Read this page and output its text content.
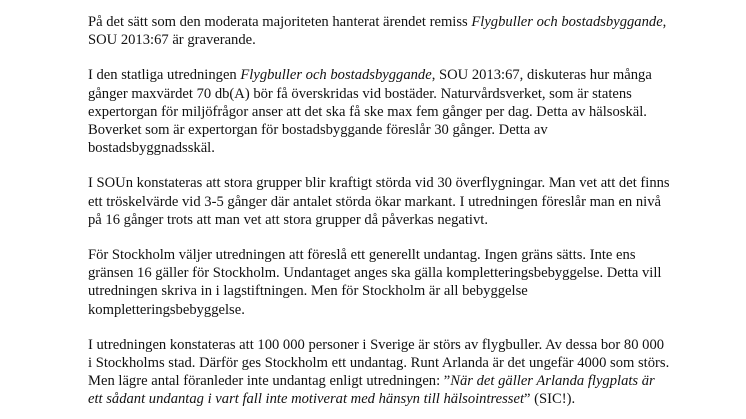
På det sätt som den moderata majoriteten hanterat ärendet remiss Flygbuller och bostadsbyggande, SOU 2013:67 är graverande.

I den statliga utredningen Flygbuller och bostadsbyggande, SOU 2013:67, diskuteras hur många gånger maxvärdet 70 db(A) bör få överskridas vid bostäder. Naturvårdsverket, som är statens expertorgan för miljöfrågor anser att det ska få ske max fem gånger per dag. Detta av hälsoskäl. Boverket som är expertorgan för bostadsbyggande föreslår 30 gånger. Detta av bostadsbyggnadsskäl.

I SOUn konstateras att stora grupper blir kraftigt störda vid 30 överflygningar. Man vet att det finns ett tröskelvärde vid 3-5 gånger där antalet störda ökar markant. I utredningen föreslår man en nivå på 16 gånger trots att man vet att stora grupper då påverkas negativt.

För Stockholm väljer utredningen att föreslå ett generellt undantag. Ingen gräns sätts. Inte ens gränsen 16 gäller för Stockholm. Undantaget anges ska gälla kompletteringsbebyggelse. Detta vill utredningen skriva in i lagstiftningen. Men för Stockholm är all bebyggelse kompletteringsbebyggelse.

I utredningen konstateras att 100 000 personer i Sverige är störs av flygbuller. Av dessa bor 80 000 i Stockholms stad. Därför ges Stockholm ett undantag. Runt Arlanda är det ungefär 4000 som störs. Men lägre antal föranleder inte undantag enligt utredningen: ”När det gäller Arlanda flygplats är ett sådant undantag i vart fall inte motiverat med hänsyn till hälsointresset” (SIC!).
